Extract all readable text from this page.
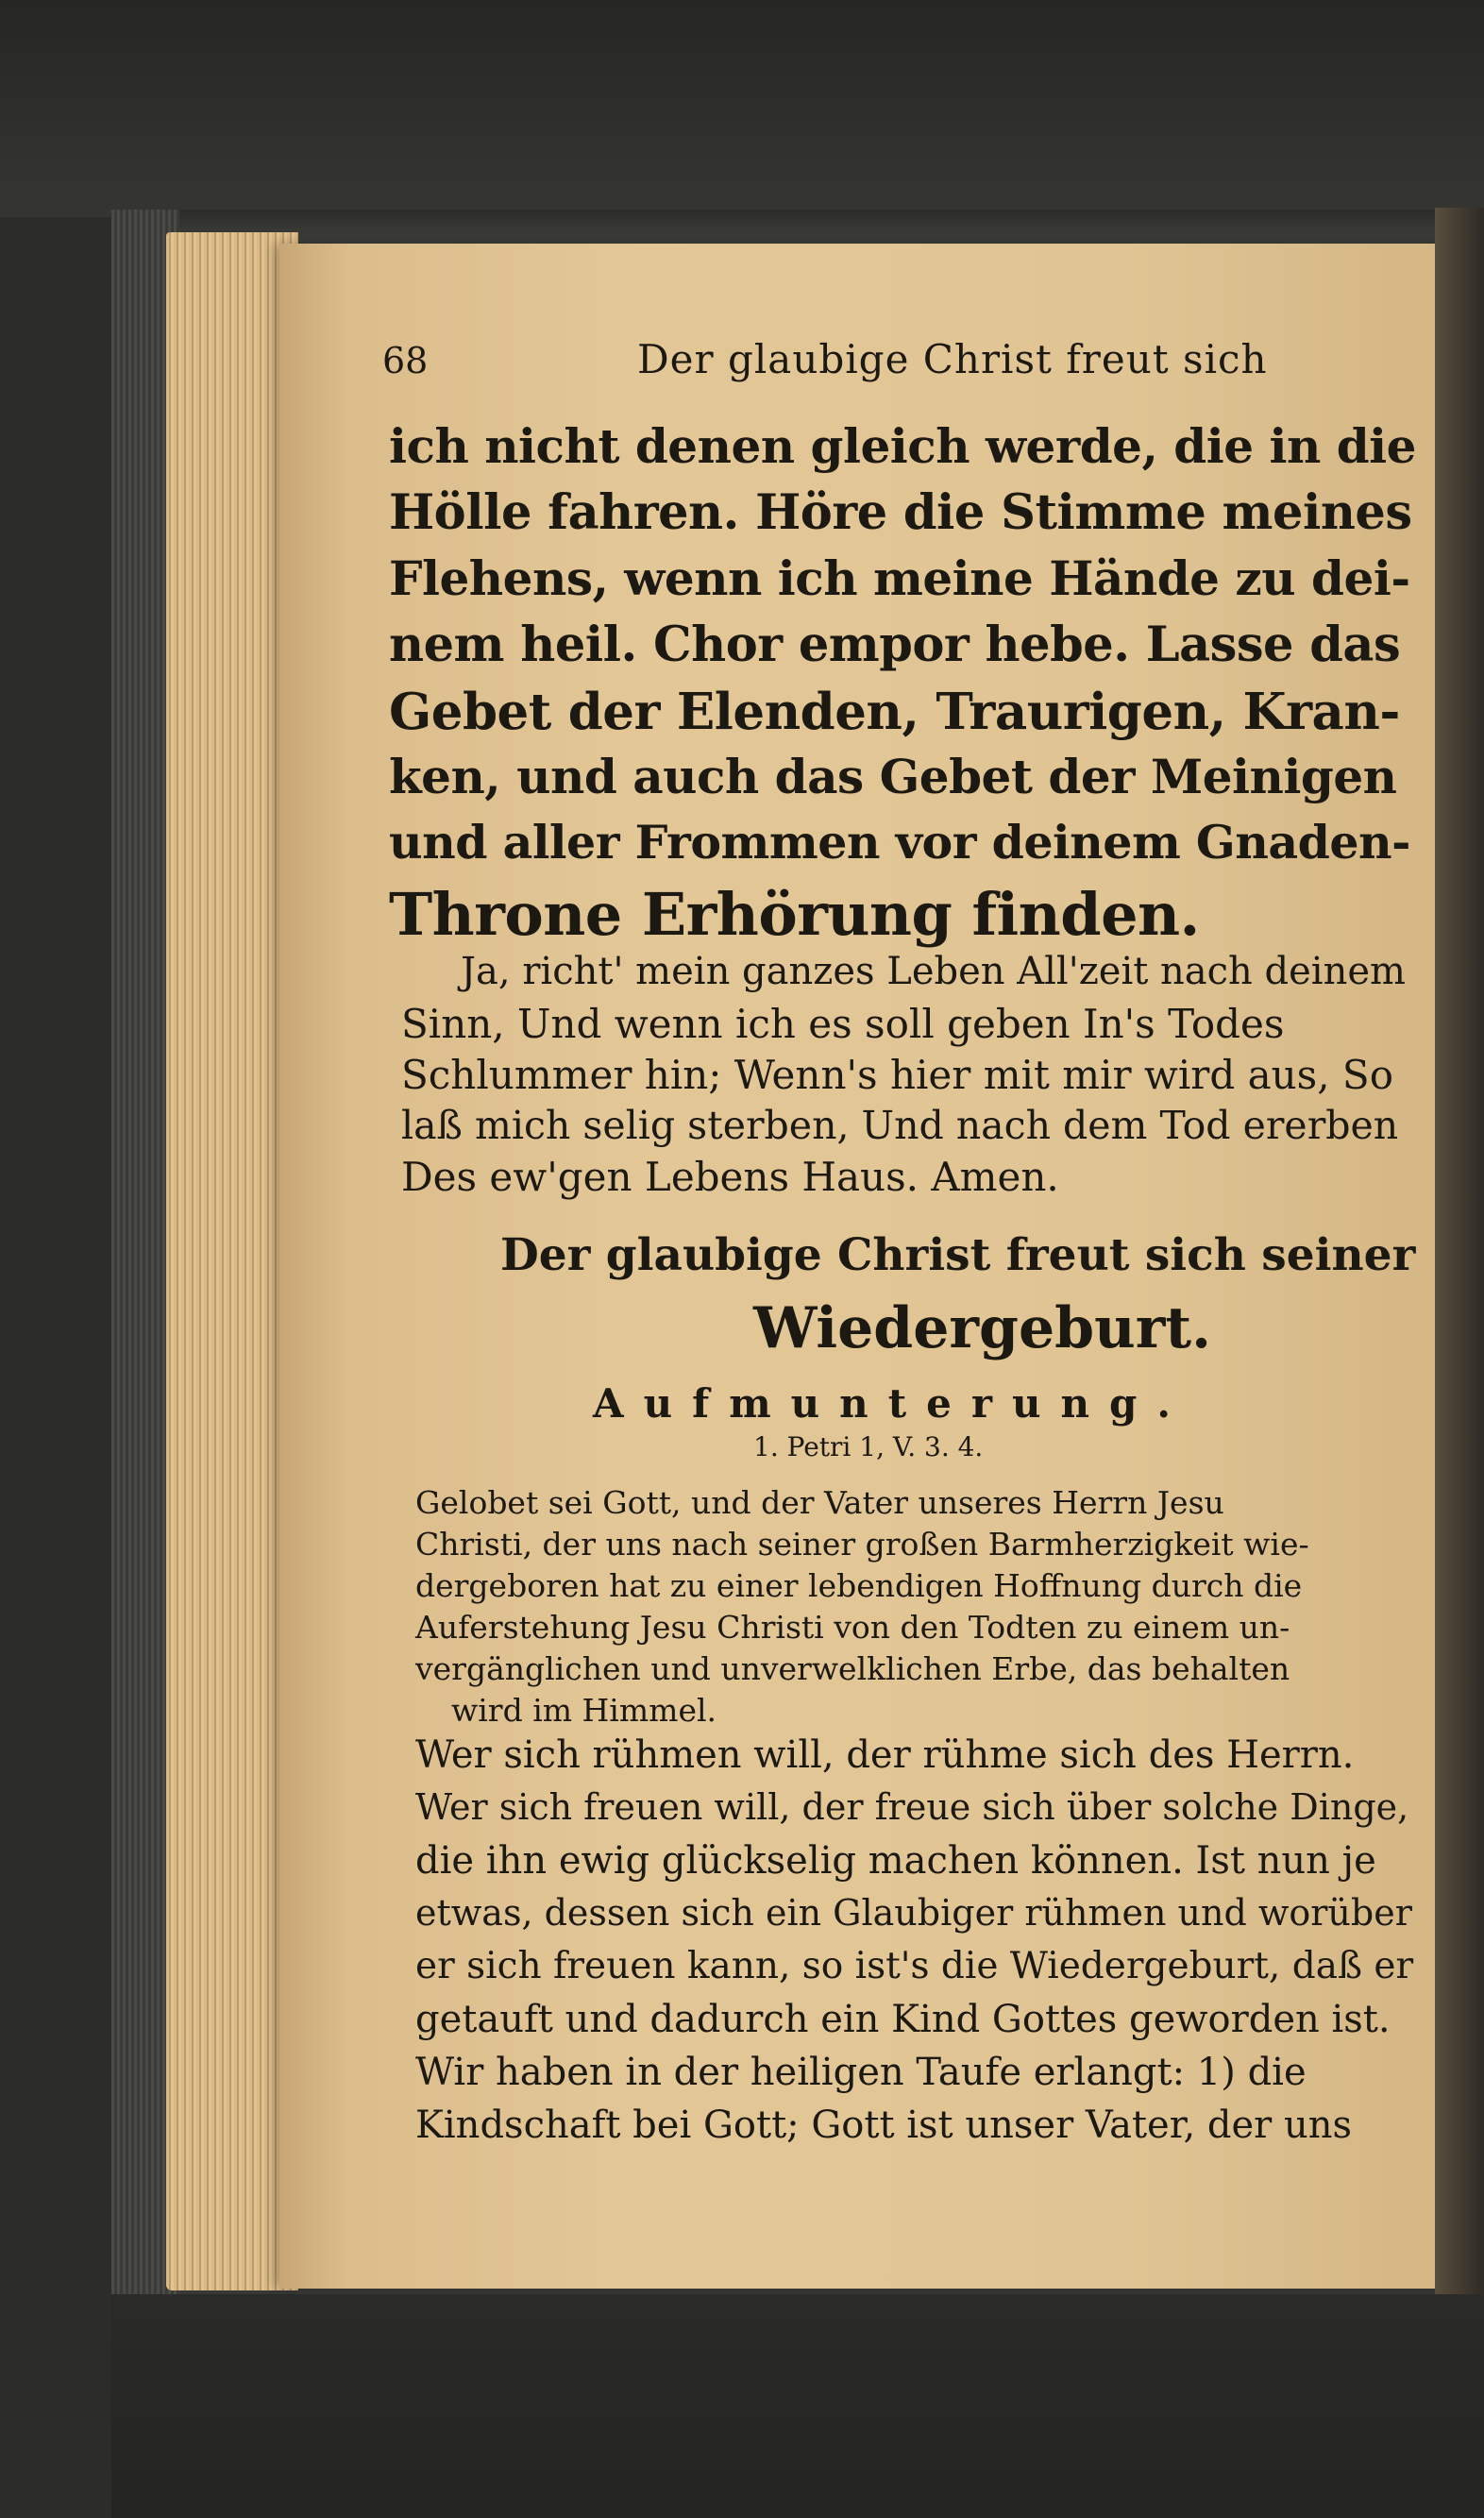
68	Der glaubige Christ freut sich
ich nicht denen gleich werde, die in die
Hölle fahren. Höre die Stimme meines
Flehens, wenn ich meine Hände zu dei-
nem heil. Chor empor hebe. Lasse das
Gebet der Elenden, Traurigen, Kran-
ken, und auch das Gebet der Meinigen
und aller Frommen vor deinem Gnaden-
Throne Erhörung finden.
Ja, richt' mein ganzes Leben All'zeit nach deinem
Sinn, Und wenn ich es soll geben In's Todes
Schlummer hin; Wenn's hier mit mir wird aus, So
laß mich selig sterben, Und nach dem Tod ererben
Des ew'gen Lebens Haus. Amen.
Der glaubige Christ freut sich seiner
Wiedergeburt.
Aufmunterung.
1. Petri 1, V. 3. 4.
Gelobet sei Gott, und der Vater unseres Herrn Jesu
Christi, der uns nach seiner großen Barmherzigkeit wie-
dergeboren hat zu einer lebendigen Hoffnung durch die
Auferstehung Jesu Christi von den Todten zu einem un-
vergänglichen und unverwelklichen Erbe, das behalten
wird im Himmel.
Wer sich rühmen will, der rühme sich des Herrn.
Wer sich freuen will, der freue sich über solche Dinge,
die ihn ewig glückselig machen können. Ist nun je
etwas, dessen sich ein Glaubiger rühmen und worüber
er sich freuen kann, so ist's die Wiedergeburt, daß er
getauft und dadurch ein Kind Gottes geworden ist.
Wir haben in der heiligen Taufe erlangt: 1) die
Kindschaft bei Gott; Gott ist unser Vater, der uns
